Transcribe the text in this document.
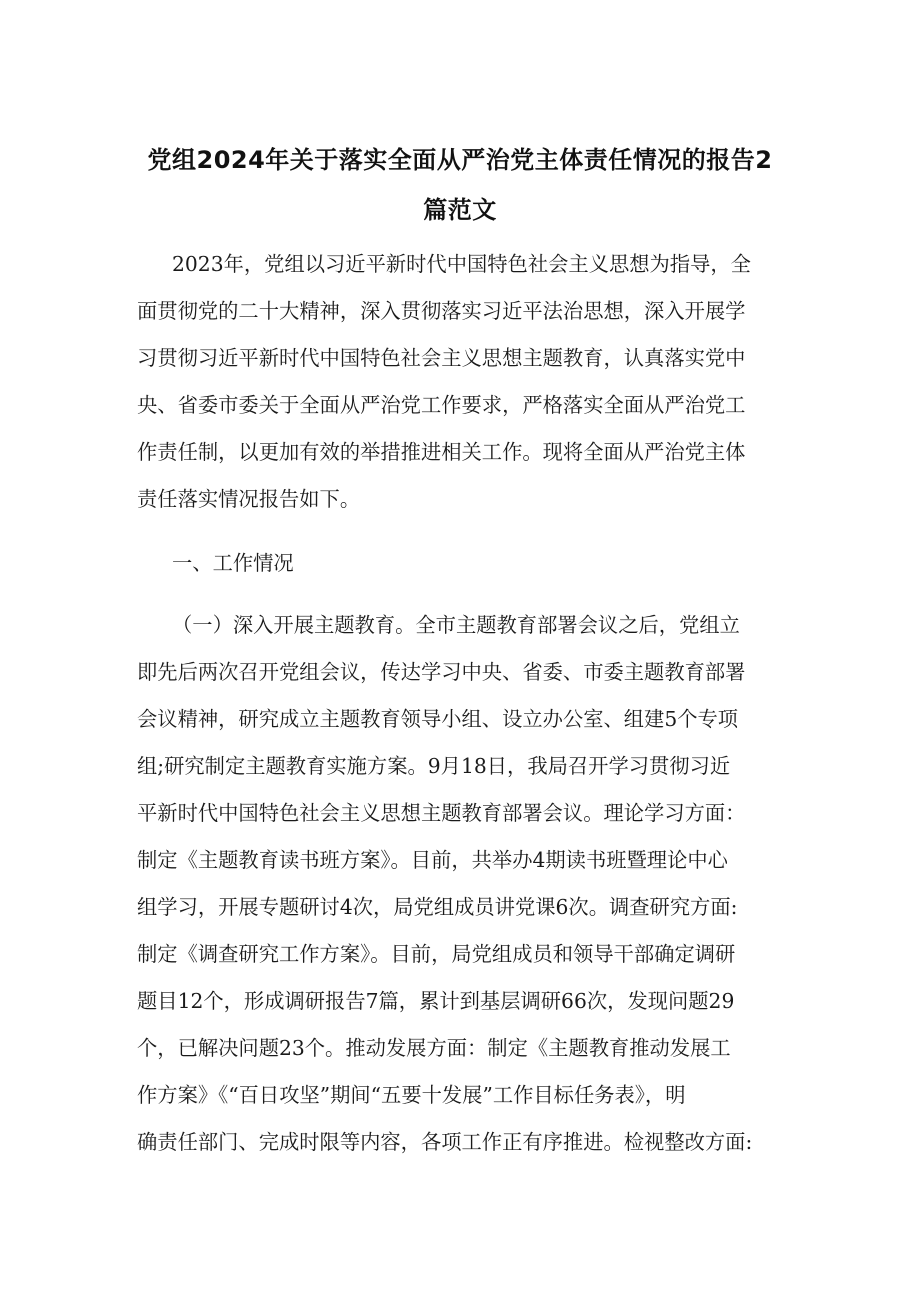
党组2024年关于落实全面从严治党主体责任情况的报告2
篇范文
2023年，党组以习近平新时代中国特色社会主义思想为指导，全
面贯彻党的二十大精神，深入贯彻落实习近平法治思想，深入开展学
习贯彻习近平新时代中国特色社会主义思想主题教育，认真落实党中
央、省委市委关于全面从严治党工作要求，严格落实全面从严治党工
作责任制，以更加有效的举措推进相关工作。现将全面从严治党主体
责任落实情况报告如下。
一、工作情况
（一）深入开展主题教育。全市主题教育部署会议之后，党组立
即先后两次召开党组会议，传达学习中央、省委、市委主题教育部署
会议精神，研究成立主题教育领导小组、设立办公室、组建5个专项
组;研究制定主题教育实施方案。9月18日，我局召开学习贯彻习近
平新时代中国特色社会主义思想主题教育部署会议。理论学习方面：
制定《主题教育读书班方案》。目前，共举办4期读书班暨理论中心
组学习，开展专题研讨4次，局党组成员讲党课6次。调查研究方面:
制定《调查研究工作方案》。目前，局党组成员和领导干部确定调研
题目12个，形成调研报告7篇，累计到基层调研66次，发现问题29
个，已解决问题23个。推动发展方面：制定《主题教育推动发展工
作方案》《“百日攻坚”期间“五要十发展”工作目标任务表》，明
确责任部门、完成时限等内容，各项工作正有序推进。检视整改方面:
